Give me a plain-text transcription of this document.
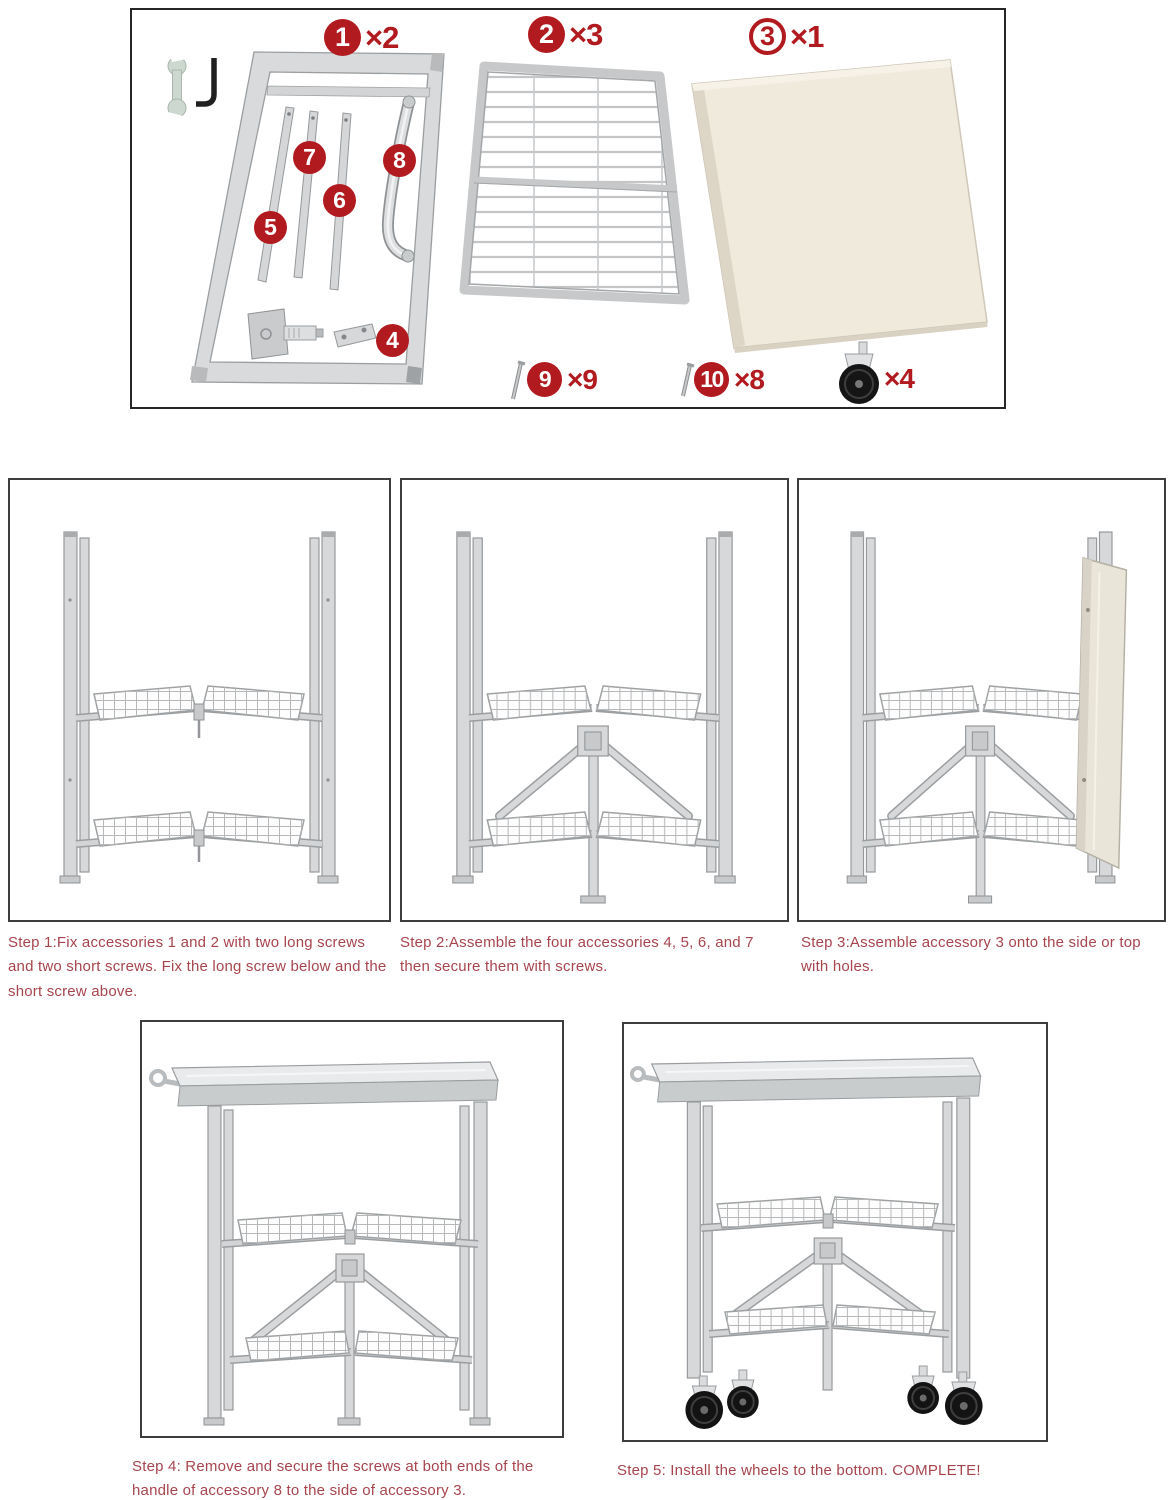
1 ×2	2 ×3	3 ×1
5
7
6
8
4
9 ×9	10 ×8	×4

Step 1:Fix accessories 1 and 2 with two long screws and two short screws. Fix the long screw below and the short screw above.

Step 2:Assemble the four accessories 4, 5, 6, and 7 then secure them with screws.

Step 3:Assemble accessory 3 onto the side or top with holes.

Step 4: Remove and secure the screws at both ends of the handle of accessory 8 to the side of accessory 3.

Step 5: Install the wheels to the bottom. COMPLETE!
